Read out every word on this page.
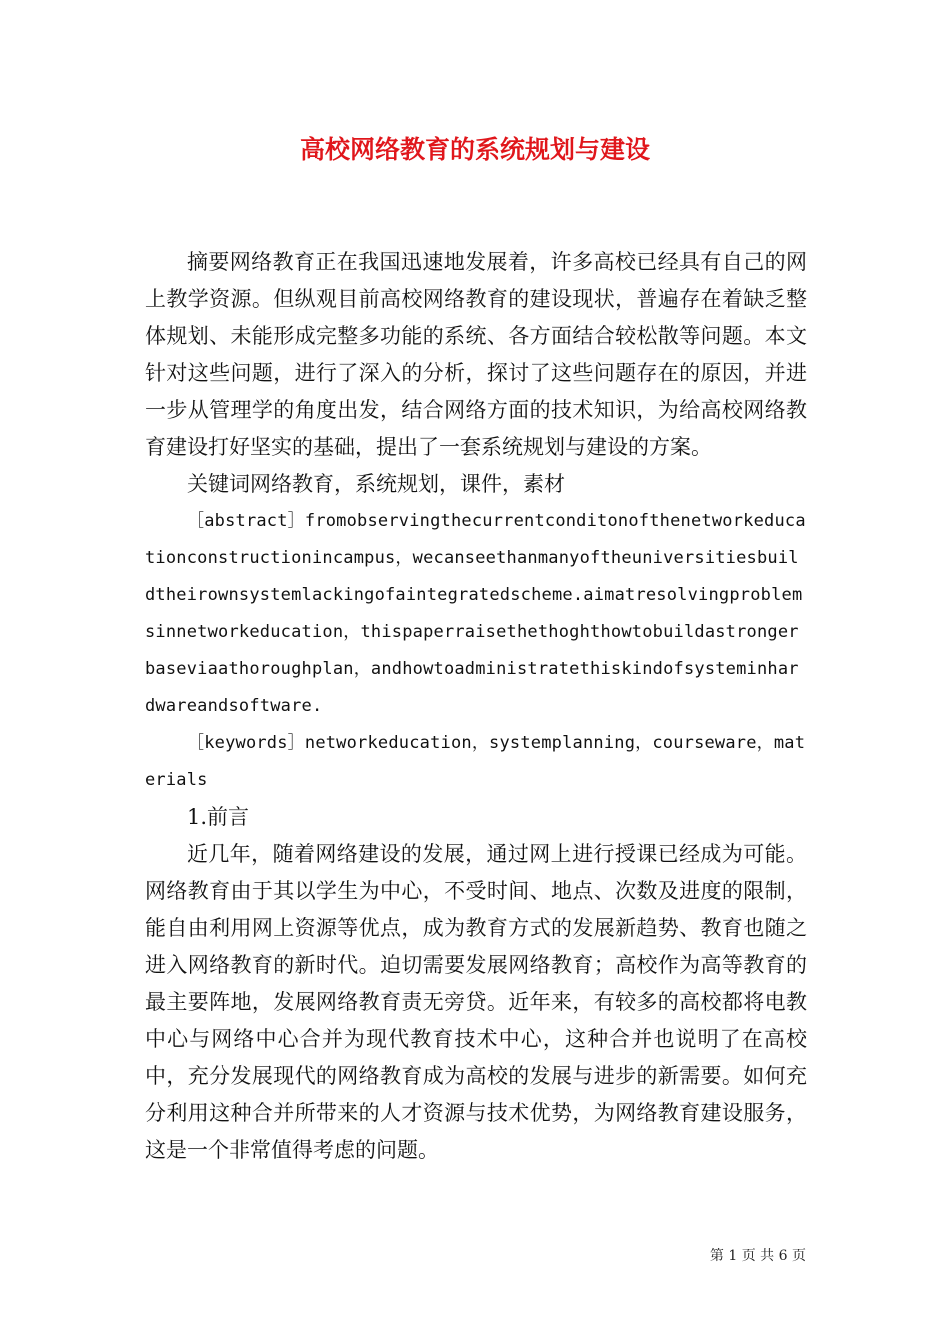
高校网络教育的系统规划与建设

摘要网络教育正在我国迅速地发展着，许多高校已经具有自己的网上教学资源。但纵观目前高校网络教育的建设现状，普遍存在着缺乏整体规划、未能形成完整多功能的系统、各方面结合较松散等问题。本文针对这些问题，进行了深入的分析，探讨了这些问题存在的原因，并进一步从管理学的角度出发，结合网络方面的技术知识，为给高校网络教育建设打好坚实的基础，提出了一套系统规划与建设的方案。

关键词网络教育，系统规划，课件，素材

［abstract］fromobservingthecurrentconditonofthenetworkeducationconstructionincampus，wecanseethanmanyoftheuniversitiesbuildtheirownsystemlackingofaintegratedscheme.aimatresolvingproblemsinnetworkeducation，thispaperraisethethoghthowtobuildastrongerbaseviaathoroughplan，andhowtoadministratethiskindofsysteminhardwareandsoftware.

［keywords］networkeducation，systemplanning，courseware，materials

1.前言

近几年，随着网络建设的发展，通过网上进行授课已经成为可能。网络教育由于其以学生为中心，不受时间、地点、次数及进度的限制，能自由利用网上资源等优点，成为教育方式的发展新趋势、教育也随之进入网络教育的新时代。迫切需要发展网络教育；高校作为高等教育的最主要阵地，发展网络教育责无旁贷。近年来，有较多的高校都将电教中心与网络中心合并为现代教育技术中心，这种合并也说明了在高校中，充分发展现代的网络教育成为高校的发展与进步的新需要。如何充分利用这种合并所带来的人才资源与技术优势，为网络教育建设服务，这是一个非常值得考虑的问题。

第 1 页 共 6 页
